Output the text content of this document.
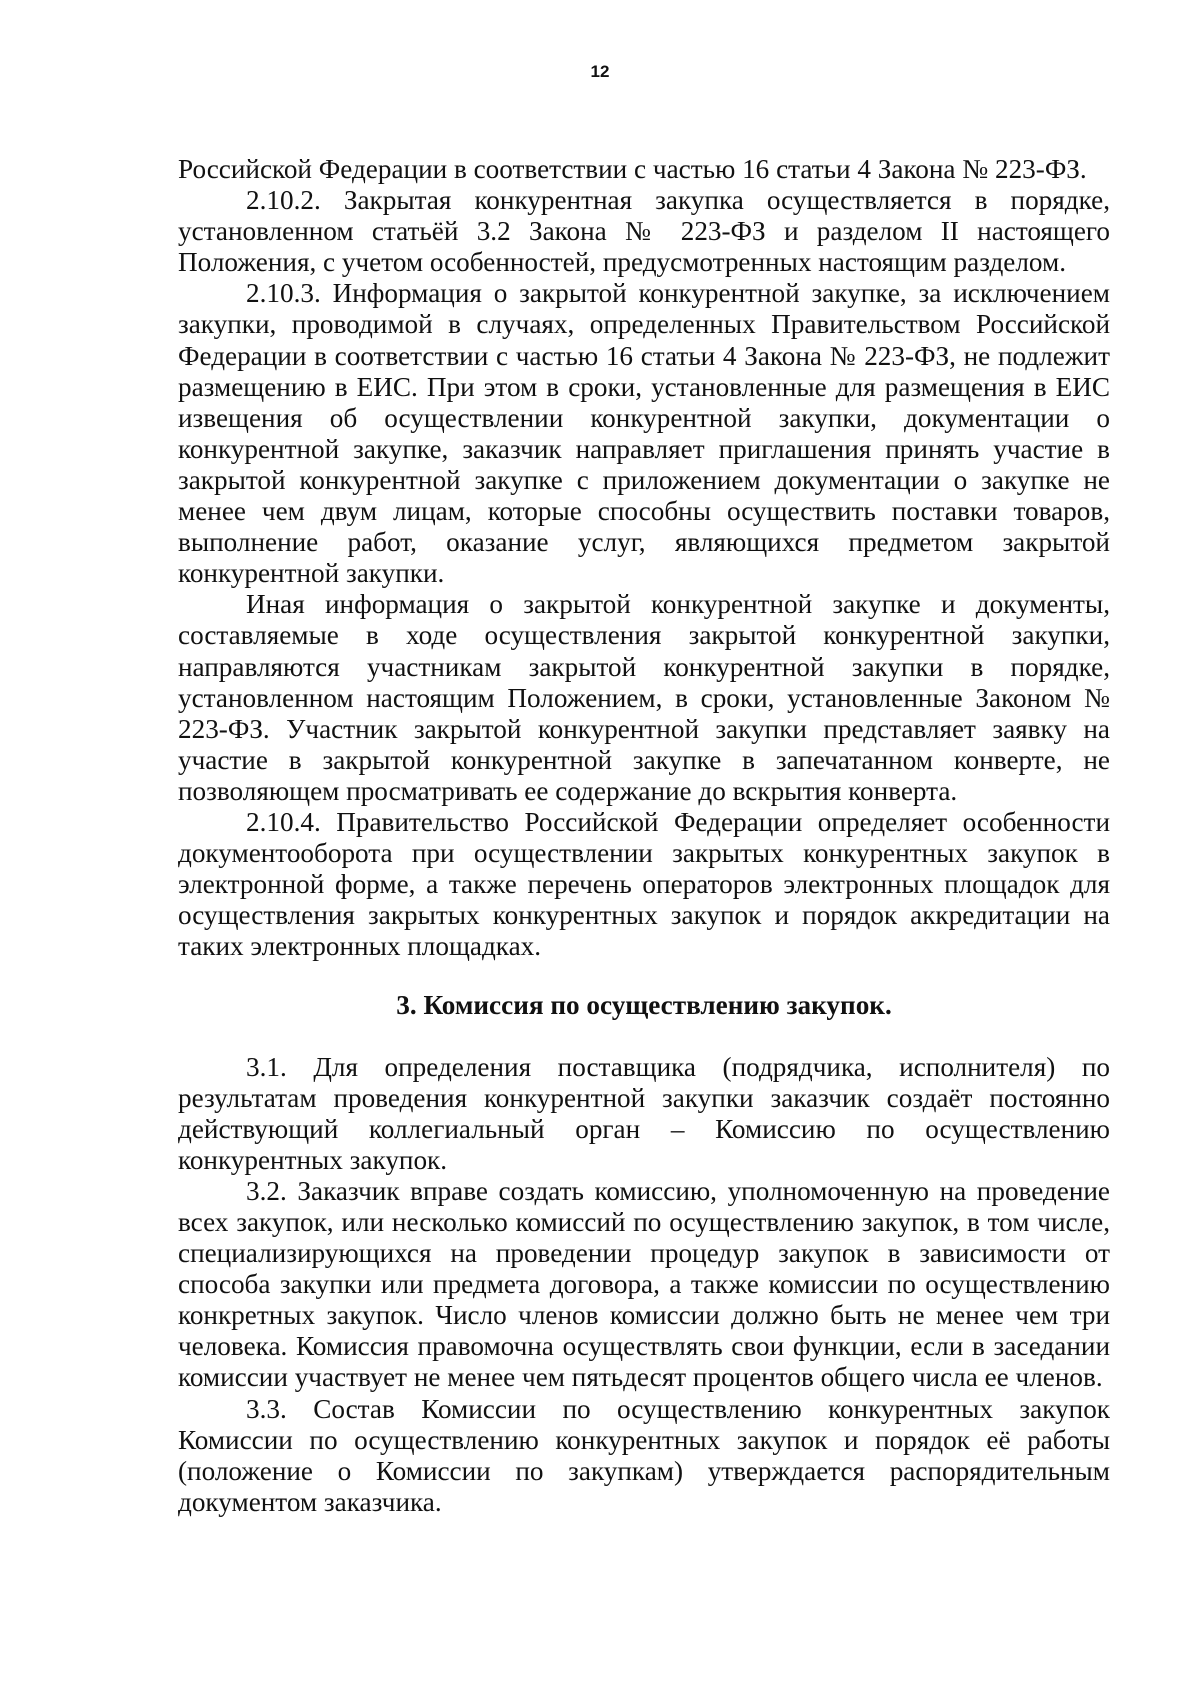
12

Российской Федерации в соответствии с частью 16 статьи 4 Закона № 223-ФЗ.

2.10.2. Закрытая конкурентная закупка осуществляется в порядке, установленном статьёй 3.2 Закона № 223-ФЗ и разделом II настоящего Положения, с учетом особенностей, предусмотренных настоящим разделом.

2.10.3. Информация о закрытой конкурентной закупке, за исключением закупки, проводимой в случаях, определенных Правительством Российской Федерации в соответствии с частью 16 статьи 4 Закона № 223-ФЗ, не подлежит размещению в ЕИС. При этом в сроки, установленные для размещения в ЕИС извещения об осуществлении конкурентной закупки, документации о конкурентной закупке, заказчик направляет приглашения принять участие в закрытой конкурентной закупке с приложением документации о закупке не менее чем двум лицам, которые способны осуществить поставки товаров, выполнение работ, оказание услуг, являющихся предметом закрытой конкурентной закупки.

Иная информация о закрытой конкурентной закупке и документы, составляемые в ходе осуществления закрытой конкурентной закупки, направляются участникам закрытой конкурентной закупки в порядке, установленном настоящим Положением, в сроки, установленные Законом № 223-ФЗ. Участник закрытой конкурентной закупки представляет заявку на участие в закрытой конкурентной закупке в запечатанном конверте, не позволяющем просматривать ее содержание до вскрытия конверта.

2.10.4. Правительство Российской Федерации определяет особенности документооборота при осуществлении закрытых конкурентных закупок в электронной форме, а также перечень операторов электронных площадок для осуществления закрытых конкурентных закупок и порядок аккредитации на таких электронных площадках.

3. Комиссия по осуществлению закупок.

3.1. Для определения поставщика (подрядчика, исполнителя) по результатам проведения конкурентной закупки заказчик создаёт постоянно действующий коллегиальный орган – Комиссию по осуществлению конкурентных закупок.

3.2. Заказчик вправе создать комиссию, уполномоченную на проведение всех закупок, или несколько комиссий по осуществлению закупок, в том числе, специализирующихся на проведении процедур закупок в зависимости от способа закупки или предмета договора, а также комиссии по осуществлению конкретных закупок. Число членов комиссии должно быть не менее чем три человека. Комиссия правомочна осуществлять свои функции, если в заседании комиссии участвует не менее чем пятьдесят процентов общего числа ее членов.

3.3. Состав Комиссии по осуществлению конкурентных закупок Комиссии по осуществлению конкурентных закупок и порядок её работы (положение о Комиссии по закупкам) утверждается распорядительным документом заказчика.
